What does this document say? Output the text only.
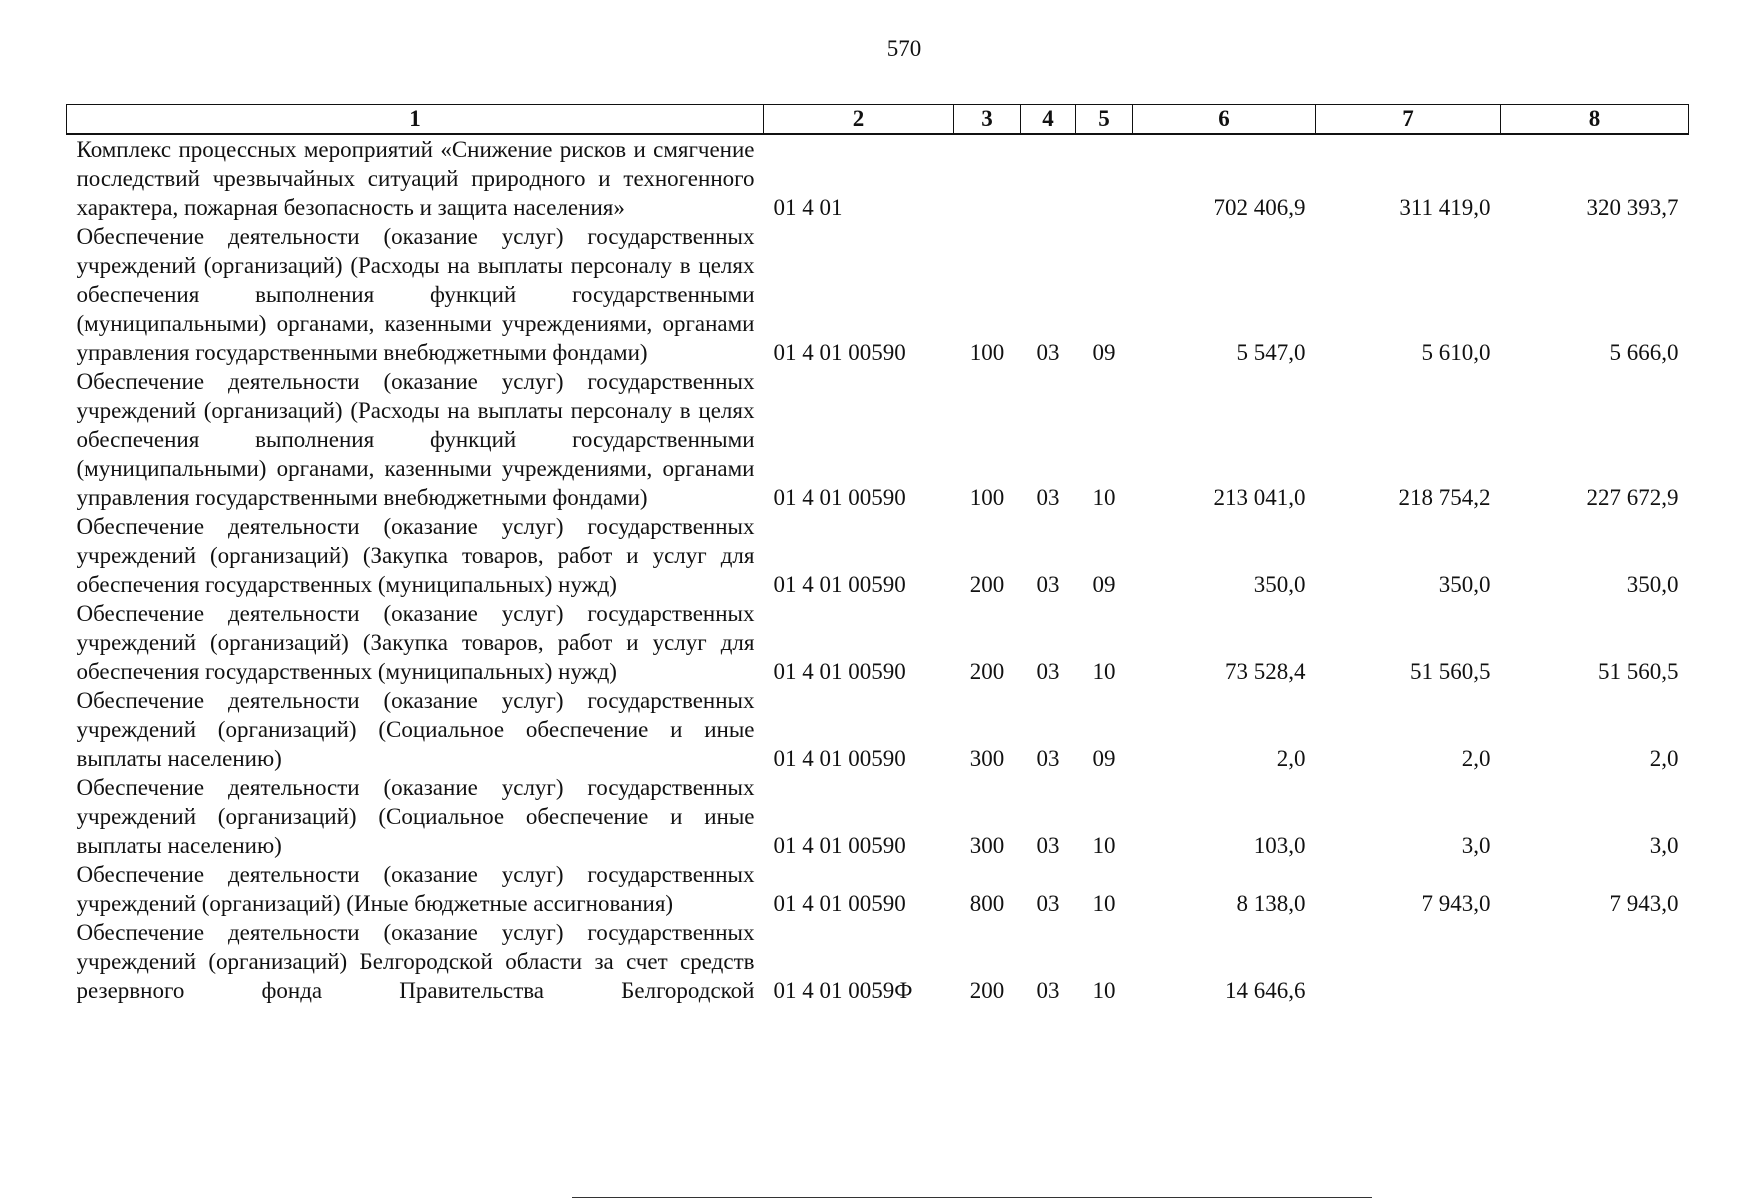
570
1	2	3	4	5	6	7	8
Комплекс процессных мероприятий «Снижение рисков и смягчение последствий чрезвычайных ситуаций природного и техногенного характера, пожарная безопасность и защита населения»	01 4 01				702 406,9	311 419,0	320 393,7
Обеспечение деятельности (оказание услуг) государственных учреждений (организаций) (Расходы на выплаты персоналу в целях обеспечения выполнения функций государственными (муниципальными) органами, казенными учреждениями, органами управления государственными внебюджетными фондами)	01 4 01 00590	100	03	09	5 547,0	5 610,0	5 666,0
Обеспечение деятельности (оказание услуг) государственных учреждений (организаций) (Расходы на выплаты персоналу в целях обеспечения выполнения функций государственными (муниципальными) органами, казенными учреждениями, органами управления государственными внебюджетными фондами)	01 4 01 00590	100	03	10	213 041,0	218 754,2	227 672,9
Обеспечение деятельности (оказание услуг) государственных учреждений (организаций) (Закупка товаров, работ и услуг для обеспечения государственных (муниципальных) нужд)	01 4 01 00590	200	03	09	350,0	350,0	350,0
Обеспечение деятельности (оказание услуг) государственных учреждений (организаций) (Закупка товаров, работ и услуг для обеспечения государственных (муниципальных) нужд)	01 4 01 00590	200	03	10	73 528,4	51 560,5	51 560,5
Обеспечение деятельности (оказание услуг) государственных учреждений (организаций) (Социальное обеспечение и иные выплаты населению)	01 4 01 00590	300	03	09	2,0	2,0	2,0
Обеспечение деятельности (оказание услуг) государственных учреждений (организаций) (Социальное обеспечение и иные выплаты населению)	01 4 01 00590	300	03	10	103,0	3,0	3,0
Обеспечение деятельности (оказание услуг) государственных учреждений (организаций) (Иные бюджетные ассигнования)	01 4 01 00590	800	03	10	8 138,0	7 943,0	7 943,0
Обеспечение деятельности (оказание услуг) государственных учреждений (организаций) Белгородской области за счет средств резервного фонда Правительства Белгородской	01 4 01 0059Ф	200	03	10	14 646,6		
